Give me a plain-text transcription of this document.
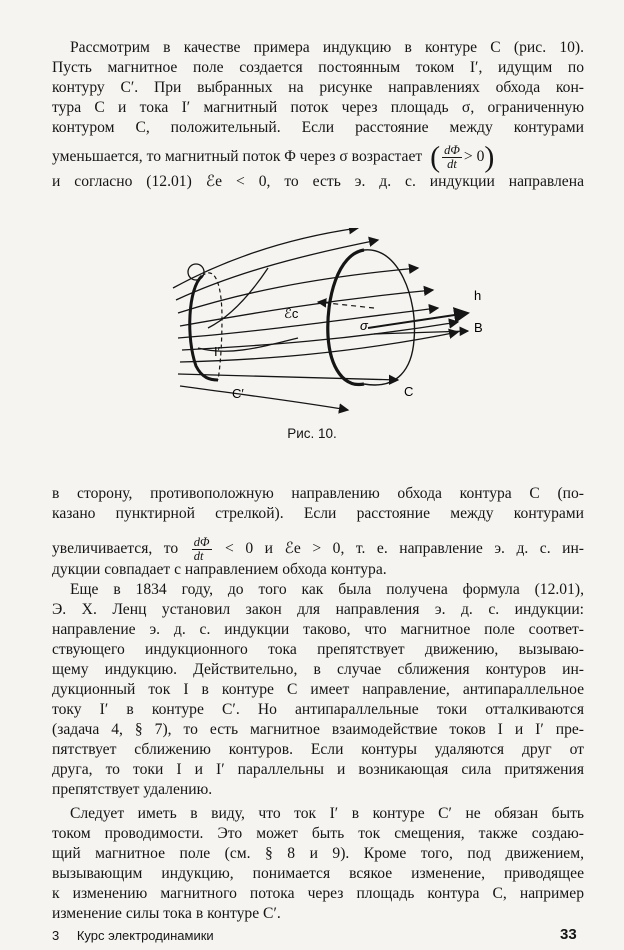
Рассмотрим в качестве примера индукцию в контуре C (рис. 10).
Пусть магнитное поле создается постоянным током I′, идущим по
контуру C′. При выбранных на рисунке направлениях обхода кон-
тура C и тока I′ магнитный поток через площадь σ, ограниченную
контуром C, положительный. Если расстояние между контурами
уменьшается, то магнитный поток Φ через σ возрастает ( $\frac{d\Phi}{dt} > 0$)
и согласно (12.01) ℰe < 0, то есть э. д. с. индукции направлена
h
B
σ
ℰc
I′
C′	C
Рис. 10.
в сторону, противоположную направлению обхода контура C (по-
казано пунктирной стрелкой). Если расстояние между контурами
увеличивается, то $\frac{d\Phi}{dt} < 0$ и ℰe > 0, т. е. направление э. д. с. ин-
дукции совпадает с направлением обхода контура.
Еще в 1834 году, до того как была получена формула (12.01),
Э. Х. Ленц установил закон для направления э. д. с. индукции:
направление э. д. с. индукции таково, что магнитное поле соответ-
ствующего индукционного тока препятствует движению, вызываю-
щему индукцию. Действительно, в случае сближения контуров ин-
дукционный ток I в контуре C имеет направление, антипараллельное
току I′ в контуре C′. Но антипараллельные токи отталкиваются
(задача 4, § 7), то есть магнитное взаимодействие токов I и I′ пре-
пятствует сближению контуров. Если контуры удаляются друг от
друга, то токи I и I′ параллельны и возникающая сила притяжения
препятствует удалению.
Следует иметь в виду, что ток I′ в контуре C′ не обязан быть
током проводимости. Это может быть ток смещения, также создаю-
щий магнитное поле (см. § 8 и 9). Кроме того, под движением,
вызывающим индукцию, понимается всякое изменение, приводящее
к изменению магнитного потока через площадь контура C, например
изменение силы тока в контуре C′.
3 Курс электродинамики	33
